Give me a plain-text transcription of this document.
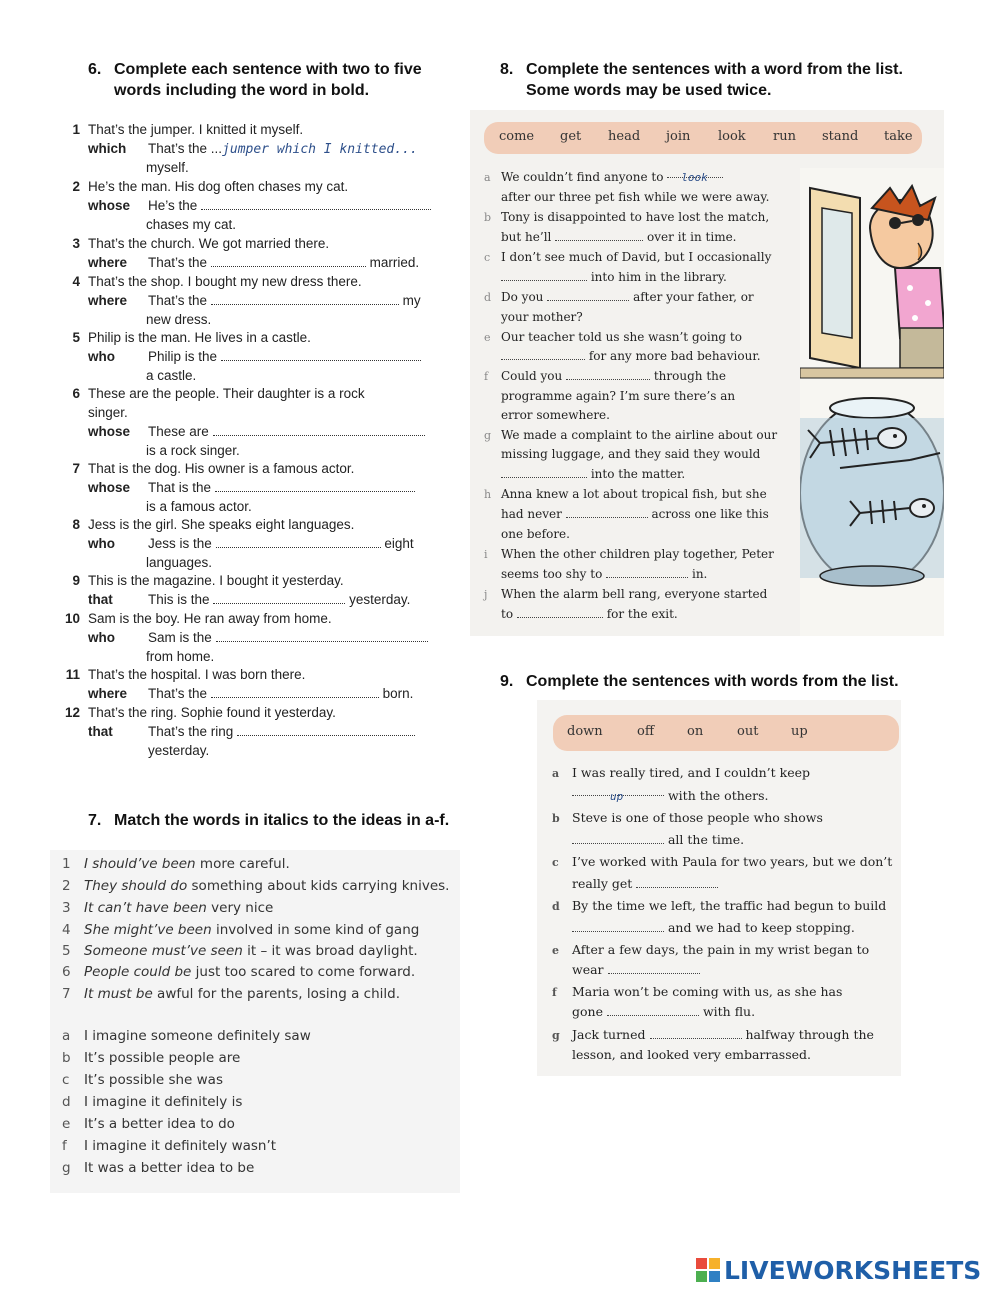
6. Complete each sentence with two to five
words including the word in bold.
1 That’s the jumper. I knitted it myself.
which That’s the ...jumper which I knitted...
myself.
2 He’s the man. His dog often chases my cat.
whose He’s the
chases my cat.
3 That’s the church. We got married there.
where That’s the	married.
4 That’s the shop. I bought my new dress there.
where That’s the	my
new dress.
5 Philip is the man. He lives in a castle.
who Philip is the
a castle.
6 These are the people. Their daughter is a rock
singer.
whose These are
is a rock singer.
7 That is the dog. His owner is a famous actor.
whose That is the
is a famous actor.
8 Jess is the girl. She speaks eight languages.
who Jess is the	eight
languages.
9 This is the magazine. I bought it yesterday.
that	This is the	yesterday.
10 Sam is the boy. He ran away from home.
who Sam is the
from home.
11 That’s the hospital. I was born there.
where That’s the	born.
12 That’s the ring. Sophie found it yesterday.
that	That’s the ring
yesterday.
7. Match the words in italics to the ideas in a-f.
1 I should’ve been more careful.
2 They should do something about kids carrying knives.
3 It can’t have been very nice
4 She might’ve been involved in some kind of gang
5 Someone must’ve seen it – it was broad daylight.
6 People could be just too scared to come forward.
7 It must be awful for the parents, losing a child.
a I imagine someone definitely saw
b It’s possible people are
c It’s possible she was
d I imagine it definitely is
e It’s a better idea to do
f I imagine it definitely wasn’t
g It was a better idea to be
8. Complete the sentences with a word from the list.
Some words may be used twice.
come get head join look run stand take
a We couldn’t find anyone to look
after our three pet fish while we were away.
b Tony is disappointed to have lost the match,
but he’ll	over it in time.
c I don’t see much of David, but I occasionally
into him in the library.
d Do you	after your father, or
your mother?
e Our teacher told us she wasn’t going to
for any more bad behaviour.
f Could you	through the
programme again? I’m sure there’s an
error somewhere.
g We made a complaint to the airline about our
missing luggage, and they said they would
into the matter.
h Anna knew a lot about tropical fish, but she
had never	across one like this
one before.
i When the other children play together, Peter
seems too shy to	in.
j When the alarm bell rang, everyone started
to	for the exit.
9. Complete the sentences with words from the list.
down	off	on	out	up
a I was really tired, and I couldn’t keep
up	with the others.
b Steve is one of those people who shows
all the time.
c I’ve worked with Paula for two years, but we don’t
really get
d By the time we left, the traffic had begun to build
and we had to keep stopping.
e After a few days, the pain in my wrist began to
wear
f Maria won’t be coming with us, as she has
gone	with flu.
g Jack turned	halfway through the
lesson, and looked very embarrassed.
LIVEWORKSHEETS
